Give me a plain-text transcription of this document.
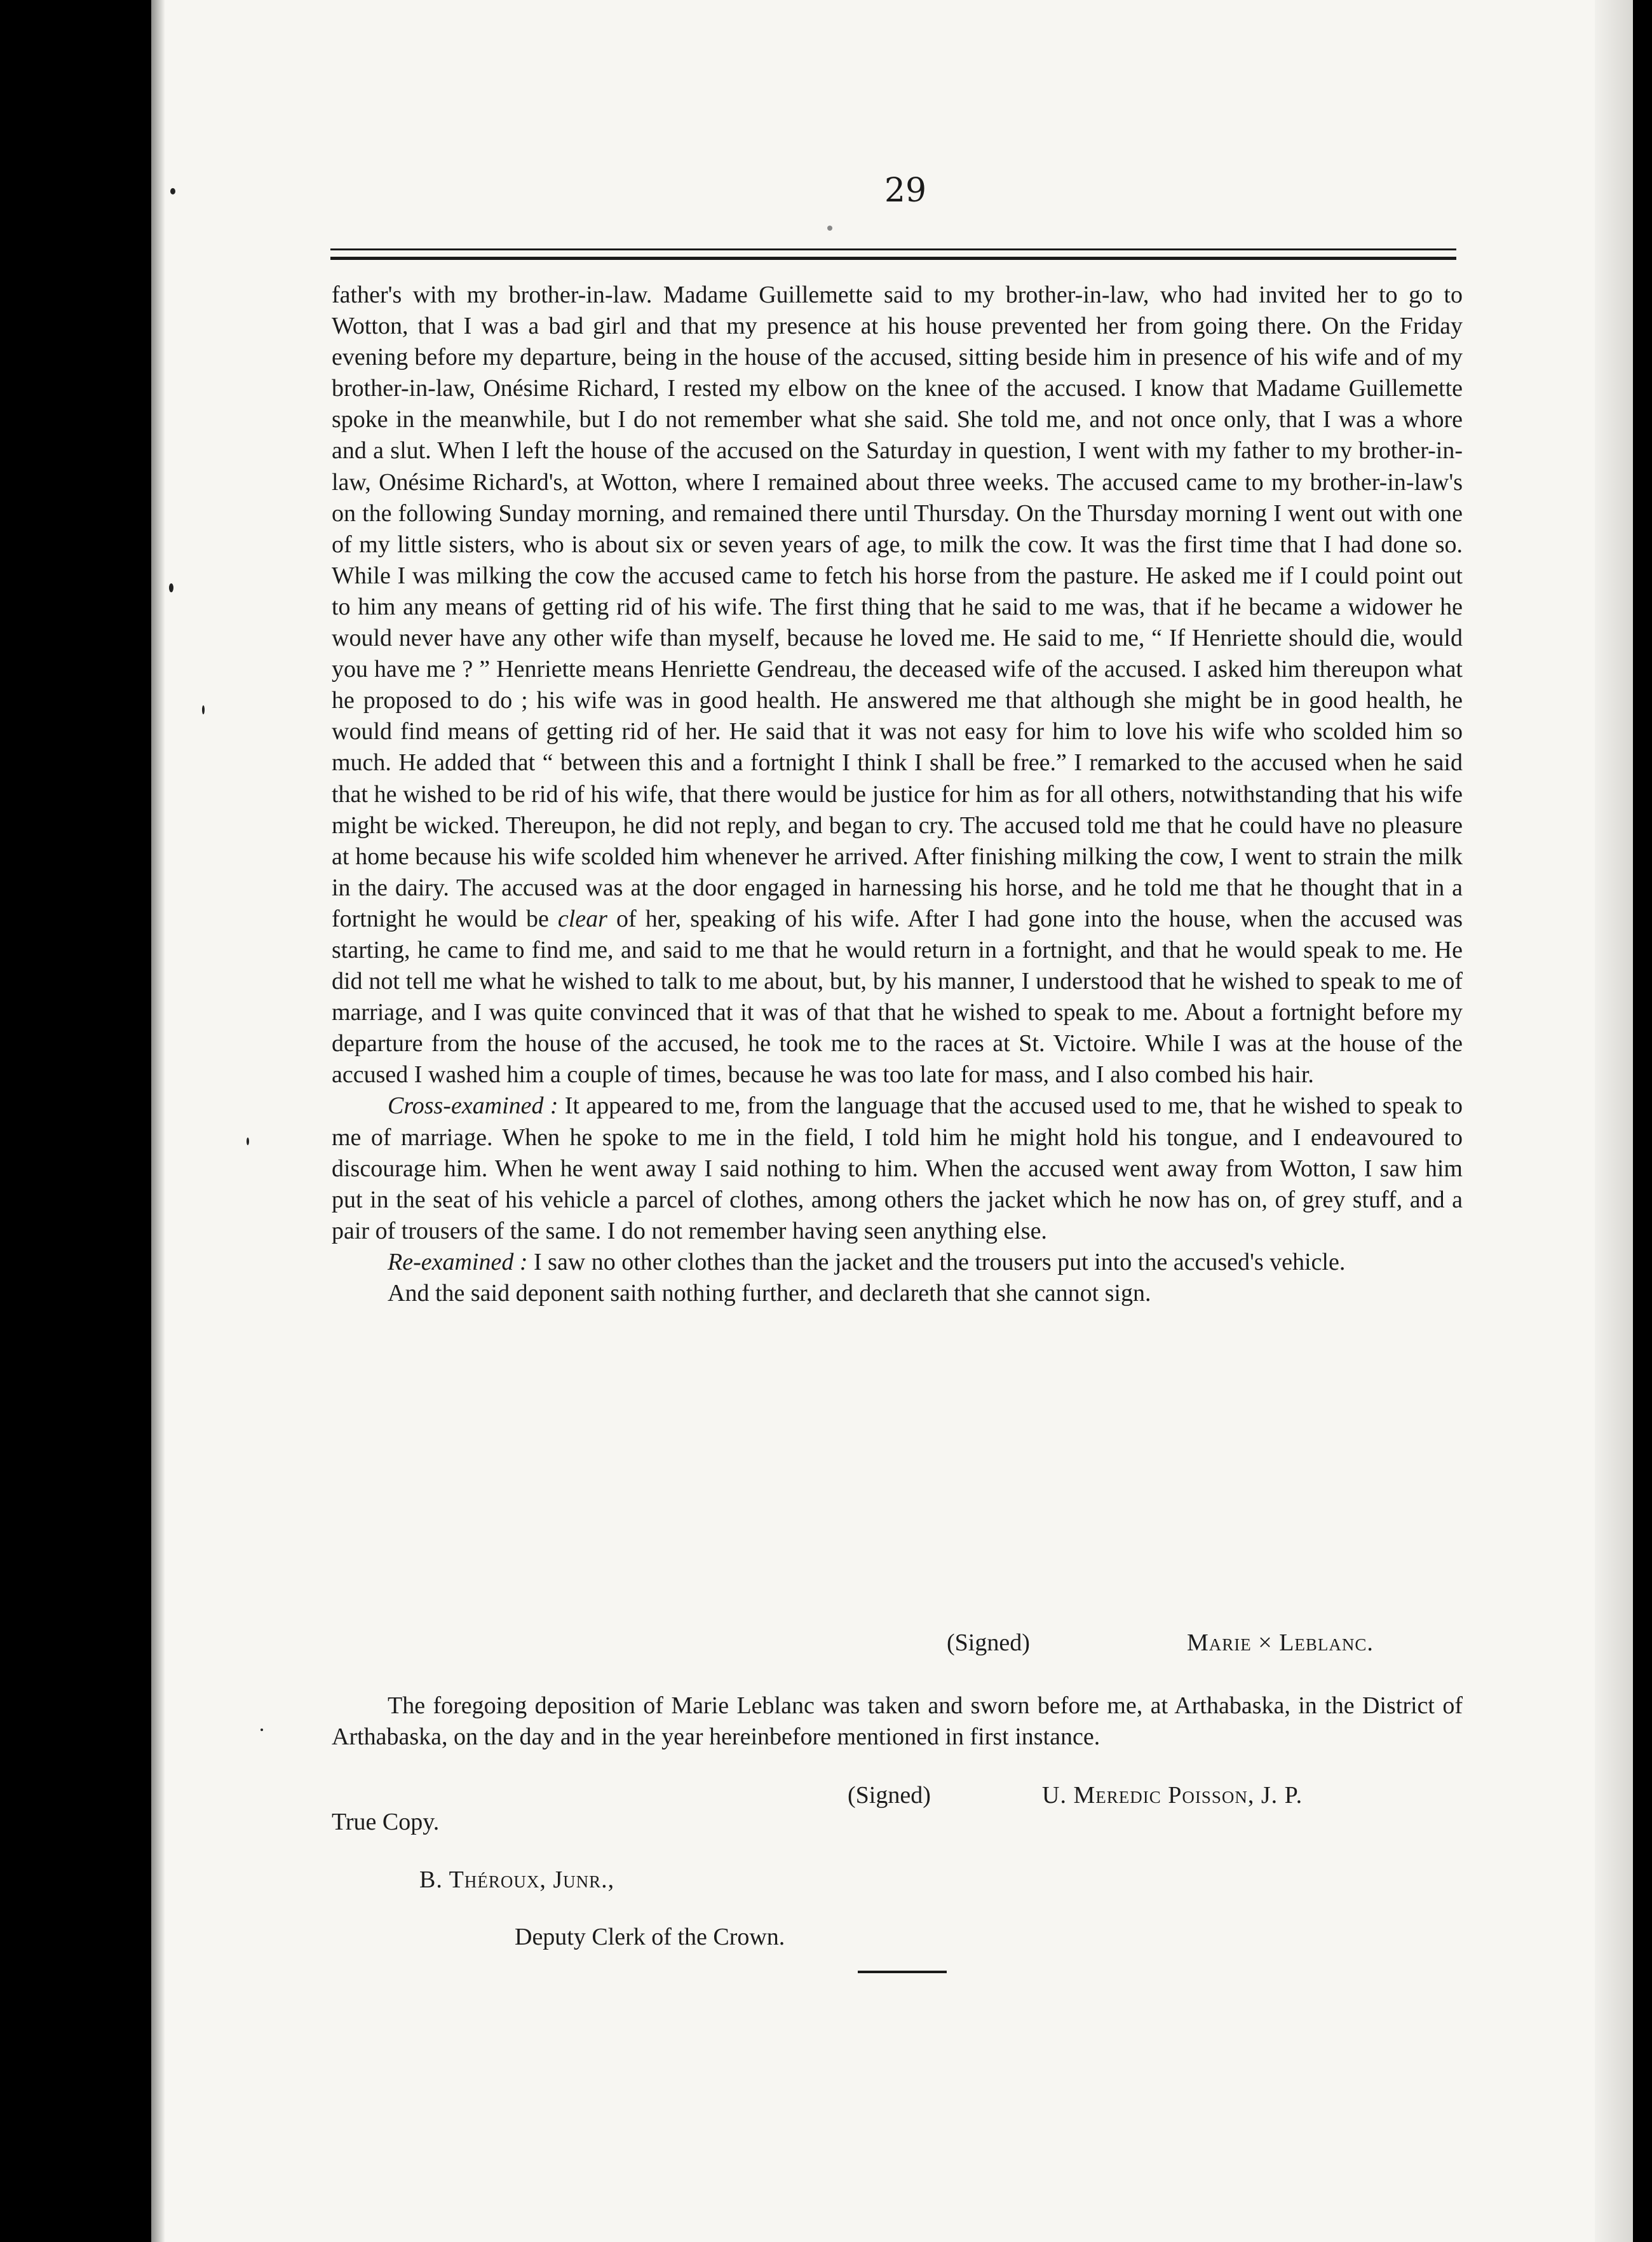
29

father's with my brother-in-law. Madame Guillemette said to my brother-in-law, who had invited her to go to Wotton, that I was a bad girl and that my presence at his house prevented her from going there. On the Friday evening before my departure, being in the house of the accused, sitting beside him in presence of his wife and of my brother-in-law, Onésime Richard, I rested my elbow on the knee of the accused. I know that Madame Guillemette spoke in the meanwhile, but I do not remember what she said. She told me, and not once only, that I was a whore and a slut. When I left the house of the accused on the Saturday in question, I went with my father to my brother-in-law, Onésime Richard's, at Wotton, where I remained about three weeks. The accused came to my brother-in-law's on the following Sunday morning, and remained there until Thursday. On the Thursday morning I went out with one of my little sisters, who is about six or seven years of age, to milk the cow. It was the first time that I had done so. While I was milking the cow the accused came to fetch his horse from the pasture. He asked me if I could point out to him any means of getting rid of his wife. The first thing that he said to me was, that if he became a widower he would never have any other wife than myself, because he loved me. He said to me, “ If Henriette should die, would you have me ? ” Henriette means Henriette Gendreau, the deceased wife of the accused. I asked him thereupon what he proposed to do ; his wife was in good health. He answered me that although she might be in good health, he would find means of getting rid of her. He said that it was not easy for him to love his wife who scolded him so much. He added that “ between this and a fortnight I think I shall be free.” I remarked to the accused when he said that he wished to be rid of his wife, that there would be justice for him as for all others, notwithstanding that his wife might be wicked. Thereupon, he did not reply, and began to cry. The accused told me that he could have no pleasure at home because his wife scolded him whenever he arrived. After finishing milking the cow, I went to strain the milk in the dairy. The accused was at the door engaged in harnessing his horse, and he told me that he thought that in a fortnight he would be clear of her, speaking of his wife. After I had gone into the house, when the accused was starting, he came to find me, and said to me that he would return in a fortnight, and that he would speak to me. He did not tell me what he wished to talk to me about, but, by his manner, I understood that he wished to speak to me of marriage, and I was quite convinced that it was of that that he wished to speak to me. About a fortnight before my departure from the house of the accused, he took me to the races at St. Victoire. While I was at the house of the accused I washed him a couple of times, because he was too late for mass, and I also combed his hair.

Cross-examined : It appeared to me, from the language that the accused used to me, that he wished to speak to me of marriage. When he spoke to me in the field, I told him he might hold his tongue, and I endeavoured to discourage him. When he went away I said nothing to him. When the accused went away from Wotton, I saw him put in the seat of his vehicle a parcel of clothes, among others the jacket which he now has on, of grey stuff, and a pair of trousers of the same. I do not remember having seen anything else.

Re-examined : I saw no other clothes than the jacket and the trousers put into the accused's vehicle.

And the said deponent saith nothing further, and declareth that she cannot sign.

(Signed)	Marie × Leblanc.

The foregoing deposition of Marie Leblanc was taken and sworn before me, at Arthabaska, in the District of Arthabaska, on the day and in the year hereinbefore mentioned in first instance.

(Signed)	U. Meredic Poisson, J. P.
True Copy.
B. Théroux, Junr.,
Deputy Clerk of the Crown.
